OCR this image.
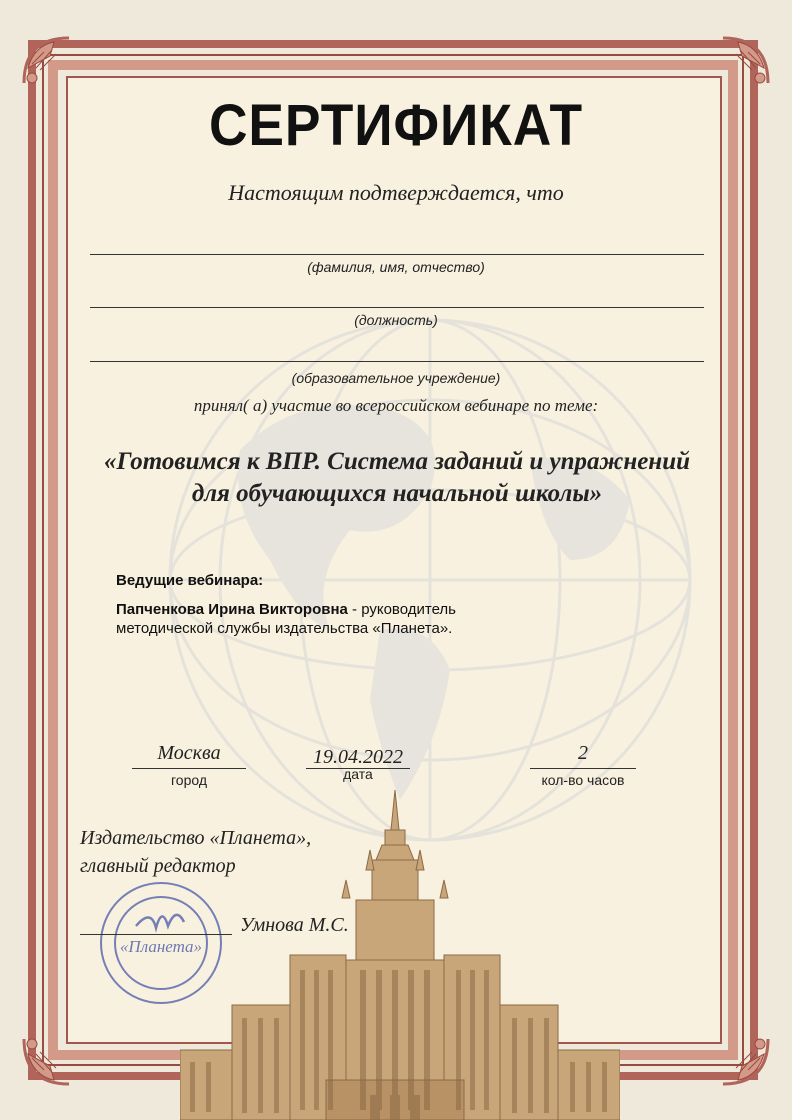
СЕРТИФИКАТ
Настоящим подтверждается, что
(фамилия, имя, отчество)
(должность)
(образовательное учреждение)
принял( а) участие во всероссийском вебинаре по теме:
«Готовимся к ВПР. Система заданий и упражнений
для обучающихся начальной школы»
Ведущие вебинара:
Папченкова Ирина Викторовна - руководитель
методической службы издательства «Планета».
Москва
город
19.04.2022
дата
2
кол-во часов
Издательство «Планета»,
главный редактор
«Планета»
Умнова М.С.
